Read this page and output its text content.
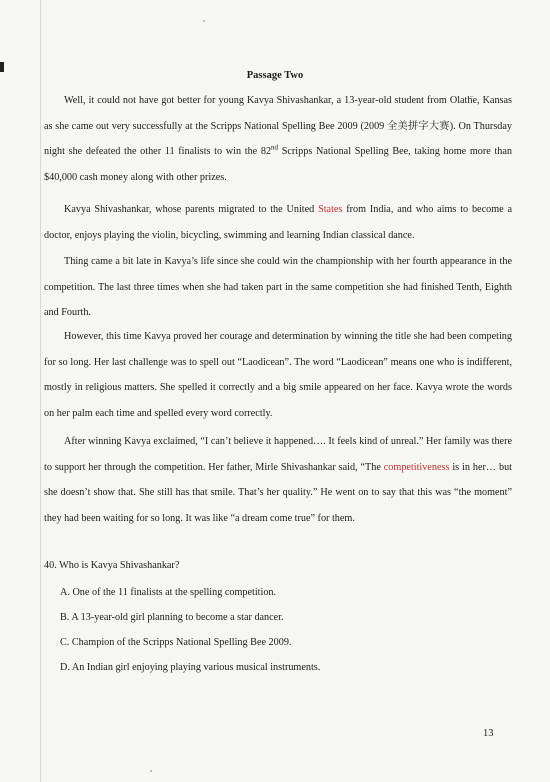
Passage Two

Well, it could not have got better for young Kavya Shivashankar, a 13-year-old student from Olathe, Kansas as she came out very successfully at the Scripps National Spelling Bee 2009 (2009 全美拼字大赛). On Thursday night she defeated the other 11 finalists to win the 82nd Scripps National Spelling Bee, taking home more than $40,000 cash money along with other prizes.

Kavya Shivashankar, whose parents migrated to the United States from India, and who aims to become a doctor, enjoys playing the violin, bicycling, swimming and learning Indian classical dance.

Thing came a bit late in Kavya’s life since she could win the championship with her fourth appearance in the competition. The last three times when she had taken part in the same competition she had finished Tenth, Eighth and Fourth.

However, this time Kavya proved her courage and determination by winning the title she had been competing for so long. Her last challenge was to spell out “Laodicean”. The word “Laodicean” means one who is indifferent, mostly in religious matters. She spelled it correctly and a big smile appeared on her face. Kavya wrote the words on her palm each time and spelled every word correctly.

After winning Kavya exclaimed, “I can’t believe it happened…. It feels kind of unreal.” Her family was there to support her through the competition. Her father, Mirle Shivashankar said, “The competitiveness is in her… but she doesn’t show that. She still has that smile. That’s her quality.” He went on to say that this was “the moment” they had been waiting for so long. It was like “a dream come true” for them.

40. Who is Kavya Shivashankar?
A. One of the 11 finalists at the spelling competition.
B. A 13-year-old girl planning to become a star dancer.
C. Champion of the Scripps National Spelling Bee 2009.
D. An Indian girl enjoying playing various musical instruments.
13
